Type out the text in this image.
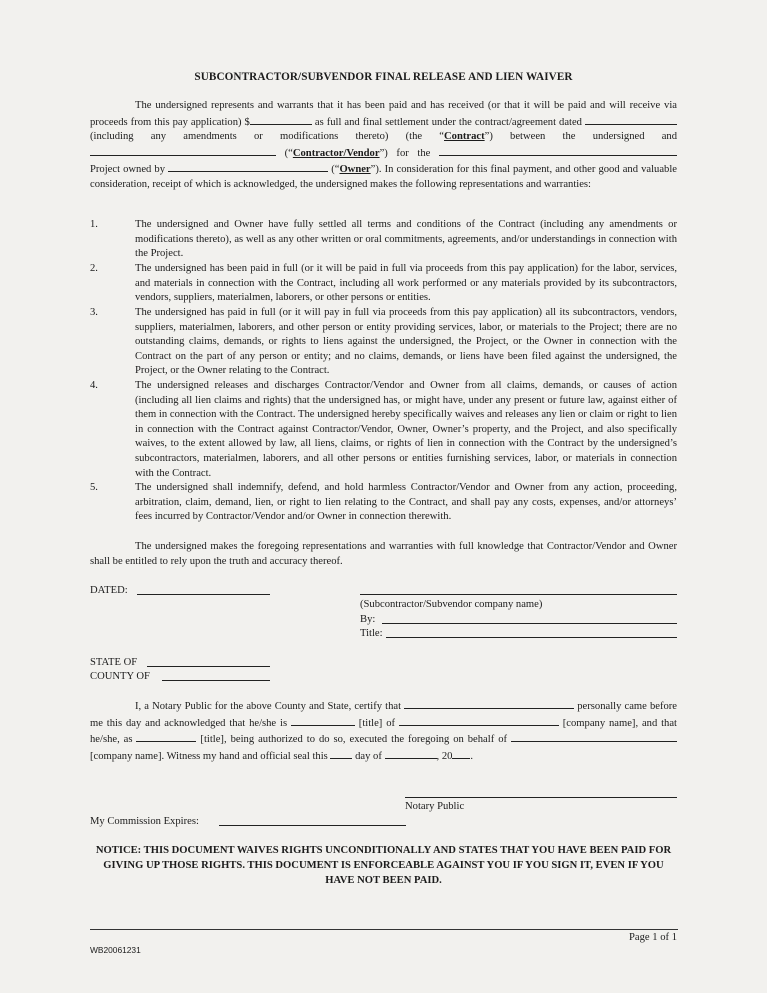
SUBCONTRACTOR/SUBVENDOR FINAL RELEASE AND LIEN WAIVER
The undersigned represents and warrants that it has been paid and has received (or that it will be paid and will receive via proceeds from this pay application) $	as full and final settlement under the contract/agreement dated  (including any amendments or modifications thereto) (the “Contract”) between the undersigned and  (“Contractor/Vendor”) for the  Project owned by	(“Owner”). In consideration for this final payment, and other good and valuable consideration, receipt of which is acknowledged, the undersigned makes the following representations and warranties:
1.	The undersigned and Owner have fully settled all terms and conditions of the Contract (including any amendments or modifications thereto), as well as any other written or oral commitments, agreements, and/or understandings in connection with the Project.
2.	The undersigned has been paid in full (or it will be paid in full via proceeds from this pay application) for the labor, services, and materials in connection with the Contract, including all work performed or any materials provided by its subcontractors, vendors, suppliers, materialmen, laborers, or other persons or entities.
3.	The undersigned has paid in full (or it will pay in full via proceeds from this pay application) all its subcontractors, vendors, suppliers, materialmen, laborers, and other person or entity providing services, labor, or materials to the Project; there are no outstanding claims, demands, or rights to liens against the undersigned, the Project, or the Owner in connection with the Contract on the part of any person or entity; and no claims, demands, or liens have been filed against the undersigned, the Project, or the Owner relating to the Contract.
4.	The undersigned releases and discharges Contractor/Vendor and Owner from all claims, demands, or causes of action (including all lien claims and rights) that the undersigned has, or might have, under any present or future law, against either of them in connection with the Contract. The undersigned hereby specifically waives and releases any lien or claim or right to lien in connection with the Contract against Contractor/Vendor, Owner, Owner’s property, and the Project, and also specifically waives, to the extent allowed by law, all liens, claims, or rights of lien in connection with the Contract by the undersigned’s subcontractors, materialmen, laborers, and all other persons or entities furnishing services, labor, or materials in connection with the Contract.
5.	The undersigned shall indemnify, defend, and hold harmless Contractor/Vendor and Owner from any action, proceeding, arbitration, claim, demand, lien, or right to lien relating to the Contract, and shall pay any costs, expenses, and/or attorneys’ fees incurred by Contractor/Vendor and/or Owner in connection therewith.
The undersigned makes the foregoing representations and warranties with full knowledge that Contractor/Vendor and Owner shall be entitled to rely upon the truth and accuracy thereof.
DATED:
(Subcontractor/Subvendor company name)
By:
Title:
STATE OF
COUNTY OF
I, a Notary Public for the above County and State, certify that	personally came before me this day and acknowledged that he/she is	[title] of	[company name], and that he/she, as	[title], being authorized to do so, executed the foregoing on behalf of  [company name]. Witness my hand and official seal this  day of	, 20 .
Notary Public
My Commission Expires:
NOTICE: THIS DOCUMENT WAIVES RIGHTS UNCONDITIONALLY AND STATES THAT YOU HAVE BEEN PAID FOR GIVING UP THOSE RIGHTS. THIS DOCUMENT IS ENFORCEABLE AGAINST YOU IF YOU SIGN IT, EVEN IF YOU HAVE NOT BEEN PAID.
Page 1 of 1
WB20061231
